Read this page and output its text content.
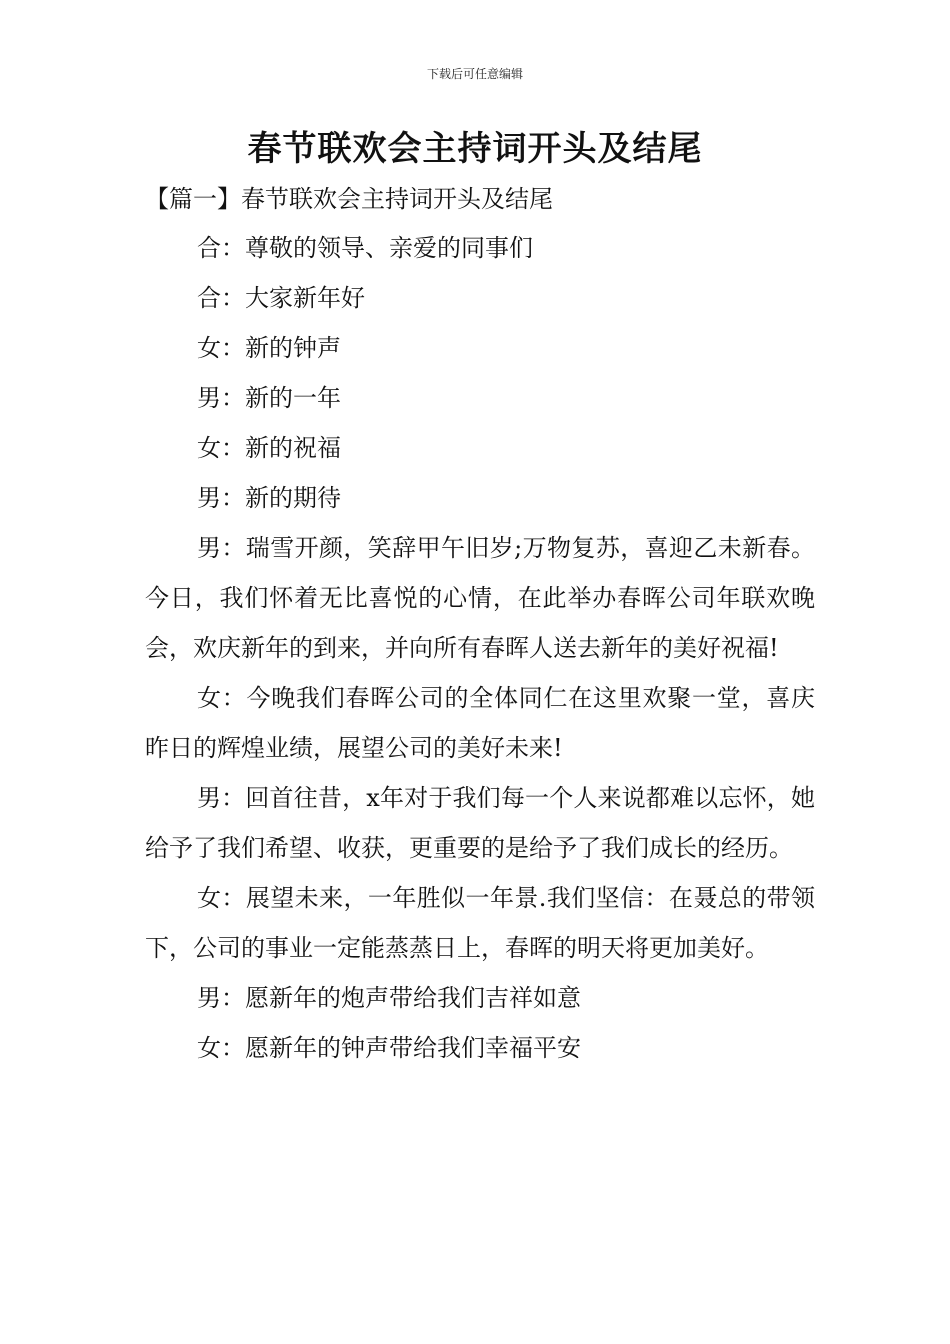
下载后可任意编辑
春节联欢会主持词开头及结尾
【篇一】春节联欢会主持词开头及结尾

合：尊敬的领导、亲爱的同事们

合：大家新年好

女：新的钟声

男：新的一年

女：新的祝福

男：新的期待

男：瑞雪开颜，笑辞甲午旧岁;万物复苏，喜迎乙未新春。今日，我们怀着无比喜悦的心情，在此举办春晖公司年联欢晚会，欢庆新年的到来，并向所有春晖人送去新年的美好祝福!

女：今晚我们春晖公司的全体同仁在这里欢聚一堂，喜庆昨日的辉煌业绩，展望公司的美好未来!

男：回首往昔，x年对于我们每一个人来说都难以忘怀，她给予了我们希望、收获，更重要的是给予了我们成长的经历。

女：展望未来，一年胜似一年景.我们坚信：在聂总的带领下，公司的事业一定能蒸蒸日上，春晖的明天将更加美好。

男：愿新年的炮声带给我们吉祥如意

女：愿新年的钟声带给我们幸福平安
